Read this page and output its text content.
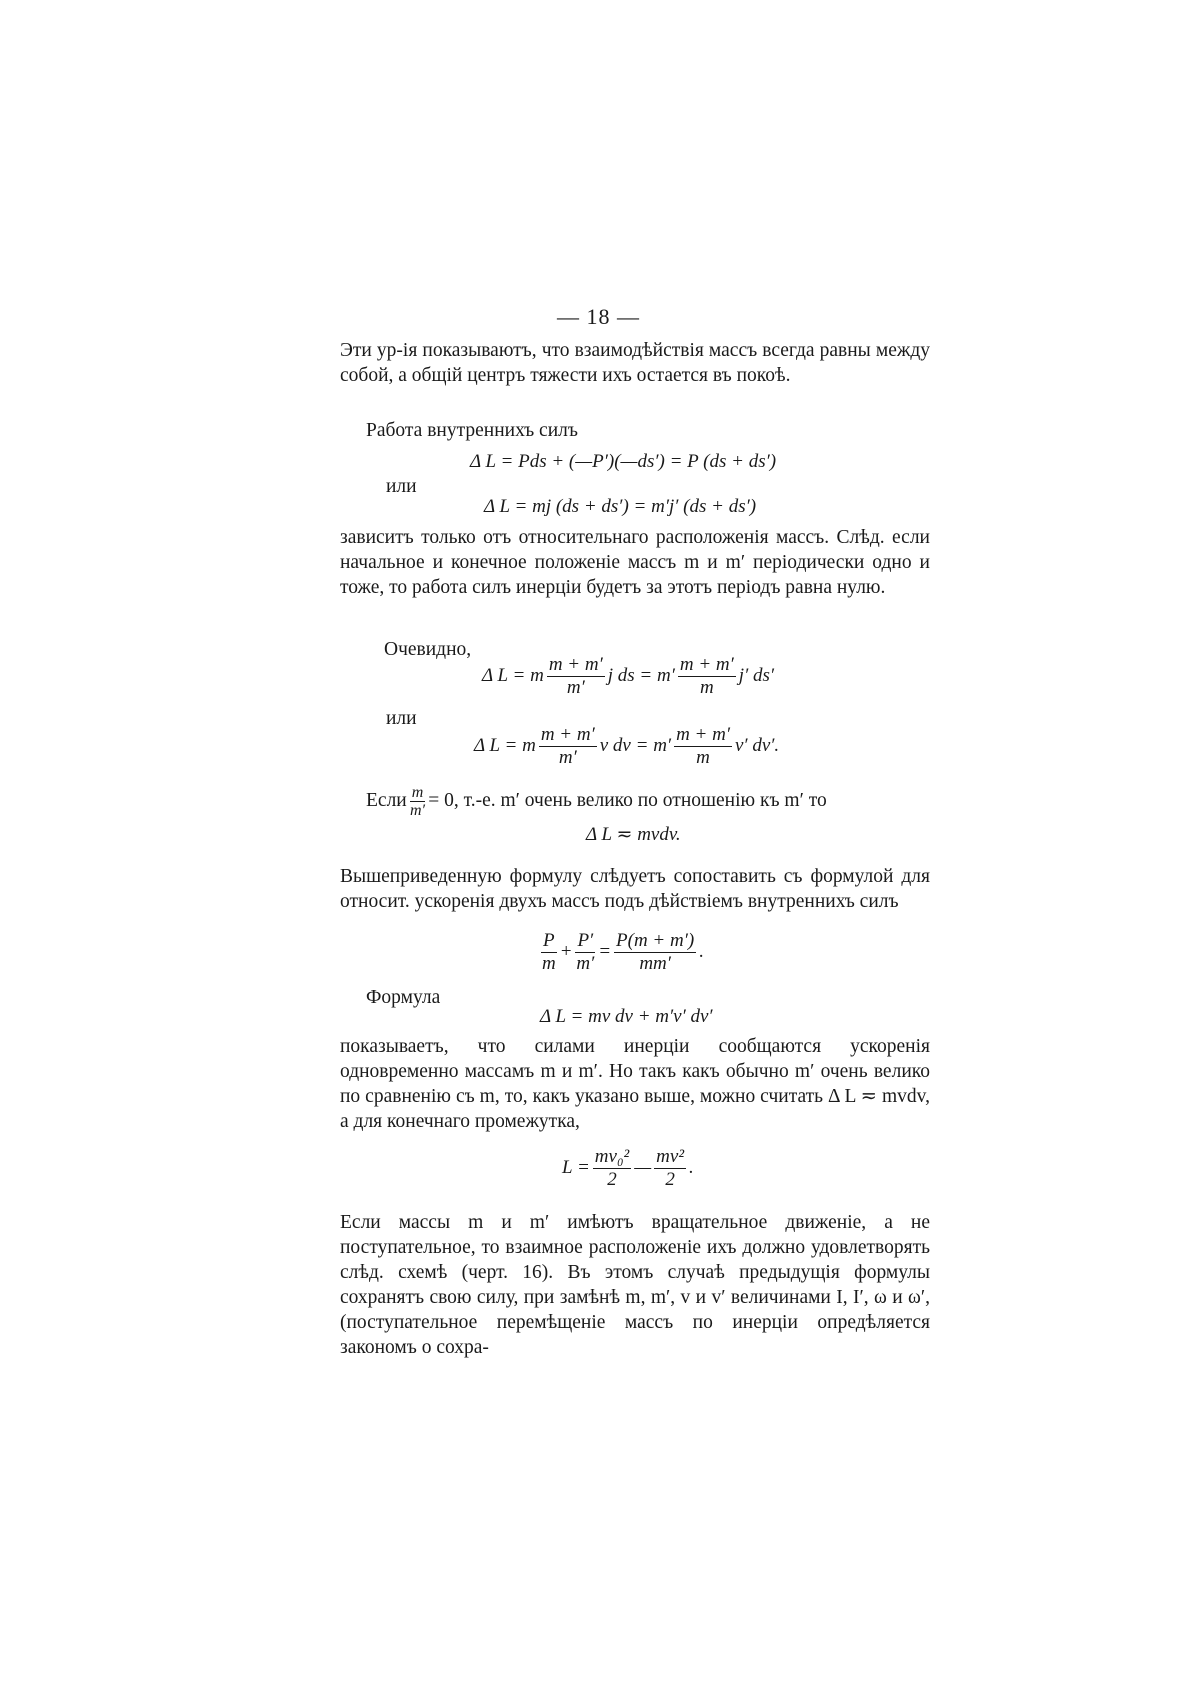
— 18 —
Эти ур-ія показываютъ, что взаимодѣйствія массъ всегда равны между собой, а общій центръ тяжести ихъ остается въ покоѣ.
Работа внутреннихъ силъ
Δ L = Pds + (—P′)(—ds′) = P (ds + ds′)
или
Δ L = mj (ds + ds′) = m′j′ (ds + ds′)
зависитъ только отъ относительнаго расположенія массъ. Слѣд. если начальное и конечное положеніе массъ m и m′ періодически одно и тоже, то работа силъ инерціи будетъ за этотъ періодъ равна нулю.
Очевидно,
Δ L = m $\frac{m + m'}{m'}$ j ds = $m' \frac{m + m'}{m} j'$ ds′
или
Δ L = m $\frac{m + m'}{m'}$ v dv = $m' \frac{m + m'}{m} v'$ dv′.
Если $\frac{m}{m'} = 0$, т.-е. m′ очень велико по отношенію къ m′ то
Δ L ≂ mvdv.
Вышеприведенную формулу слѣдуетъ сопоставить съ формулой для относит. ускоренія двухъ массъ подъ дѣйствіемъ внутреннихъ силъ
$\frac{P}{m} + \frac{P'}{m'} = \frac{P(m + m')}{mm'}$ .
Формула
Δ L = mv dv + m′v′ dv′
показываетъ, что силами инерціи сообщаются ускоренія одновременно массамъ m и m′. Но такъ какъ обычно m′ очень велико по сравненію съ m, то, какъ указано выше, можно считать Δ L ≂ mvdv, а для конечнаго промежутка,
$L = \frac{\text{mv₀²}}{2}$ — $\frac{\text{mv²}}{2}$ .
Если массы m и m′ имѣютъ вращательное движеніе, а не поступательное, то взаимное расположеніе ихъ должно удовлетворять слѣд. схемѣ (черт. 16). Въ этомъ случаѣ предыдущія формулы сохранятъ свою силу, при замѣнѣ m, m′, v и v′ величинами I, I′, ω и ω′, (поступательное перемѣщеніе массъ по инерціи опредѣляется закономъ о сохра-
